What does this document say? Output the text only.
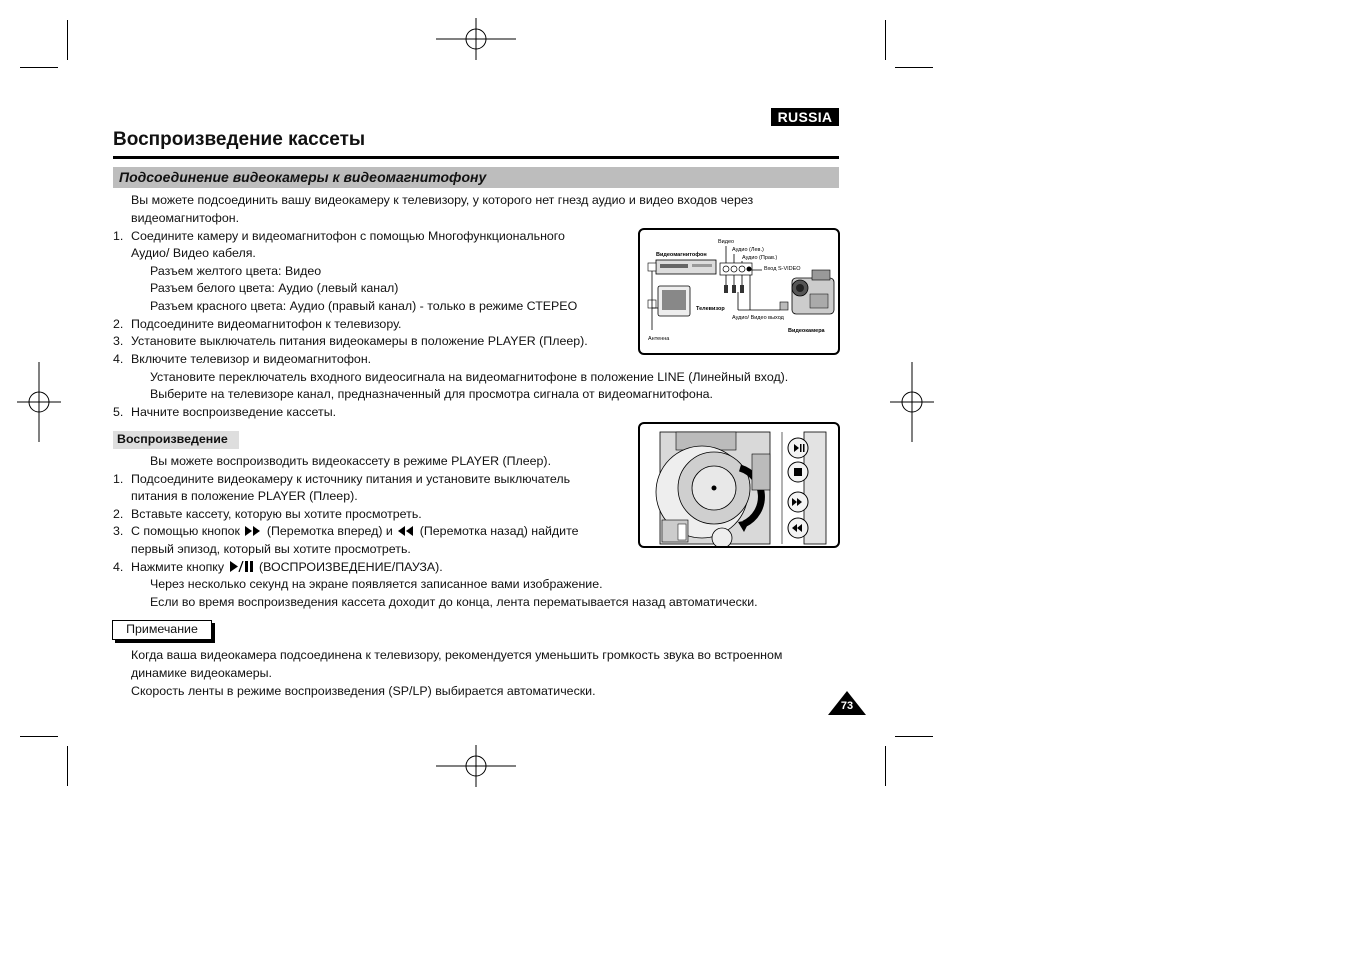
RUSSIA
Воспроизведение кассеты
Подсоединение видеокамеры к видеомагнитофону
Вы можете подсоединить вашу видеокамеру к телевизору, у которого нет гнезд аудио и видео входов через
видеомагнитофон.
1. Соедините камеру и видеомагнитофон с помощью Многофункционального
Аудио/ Видео кабеля.
Разъем желтого цвета: Видео
Разъем белого цвета: Аудио (левый канал)
Разъем красного цвета: Аудио (правый канал) - только в режиме СТЕРЕО
2. Подсоедините видеомагнитофон к телевизору.
3. Установите выключатель питания видеокамеры в положение PLAYER (Плеер).
4. Включите телевизор и видеомагнитофон.
Установите переключатель входного видеосигнала на видеомагнитофоне в положение LINE (Линейный вход).
Выберите на телевизоре канал, предназначенный для просмотра сигнала от видеомагнитофона.
5. Начните воспроизведение кассеты.
Видео
Видеомагнитофон
Аудио (Лев.)
Аудио (Прав.)
Вход S-VIDEO
Телевизор
Аудио/ Видео выход
Видеокамера
Антенна
Воспроизведение
Вы можете воспроизводить видеокассету в режиме PLAYER (Плеер).
1. Подсоедините видеокамеру к источнику питания и установите выключатель
питания в положение PLAYER (Плеер).
2. Вставьте кассету, которую вы хотите просмотреть.
3. С помощью кнопок (Перемотка вперед) и (Перемотка назад) найдите
первый эпизод, который вы хотите просмотреть.
4. Нажмите кнопку	(ВОСПРОИЗВЕДЕНИЕ/ПАУЗА).
Через несколько секунд на экране появляется записанное вами изображение.
Если во время воспроизведения кассета доходит до конца, лента перематывается назад автоматически.
Примечание
Когда ваша видеокамера подсоединена к телевизору, рекомендуется уменьшить громкость звука во встроенном
динамике видеокамеры.
Скорость ленты в режиме воспроизведения (SP/LP) выбирается автоматически.
73
